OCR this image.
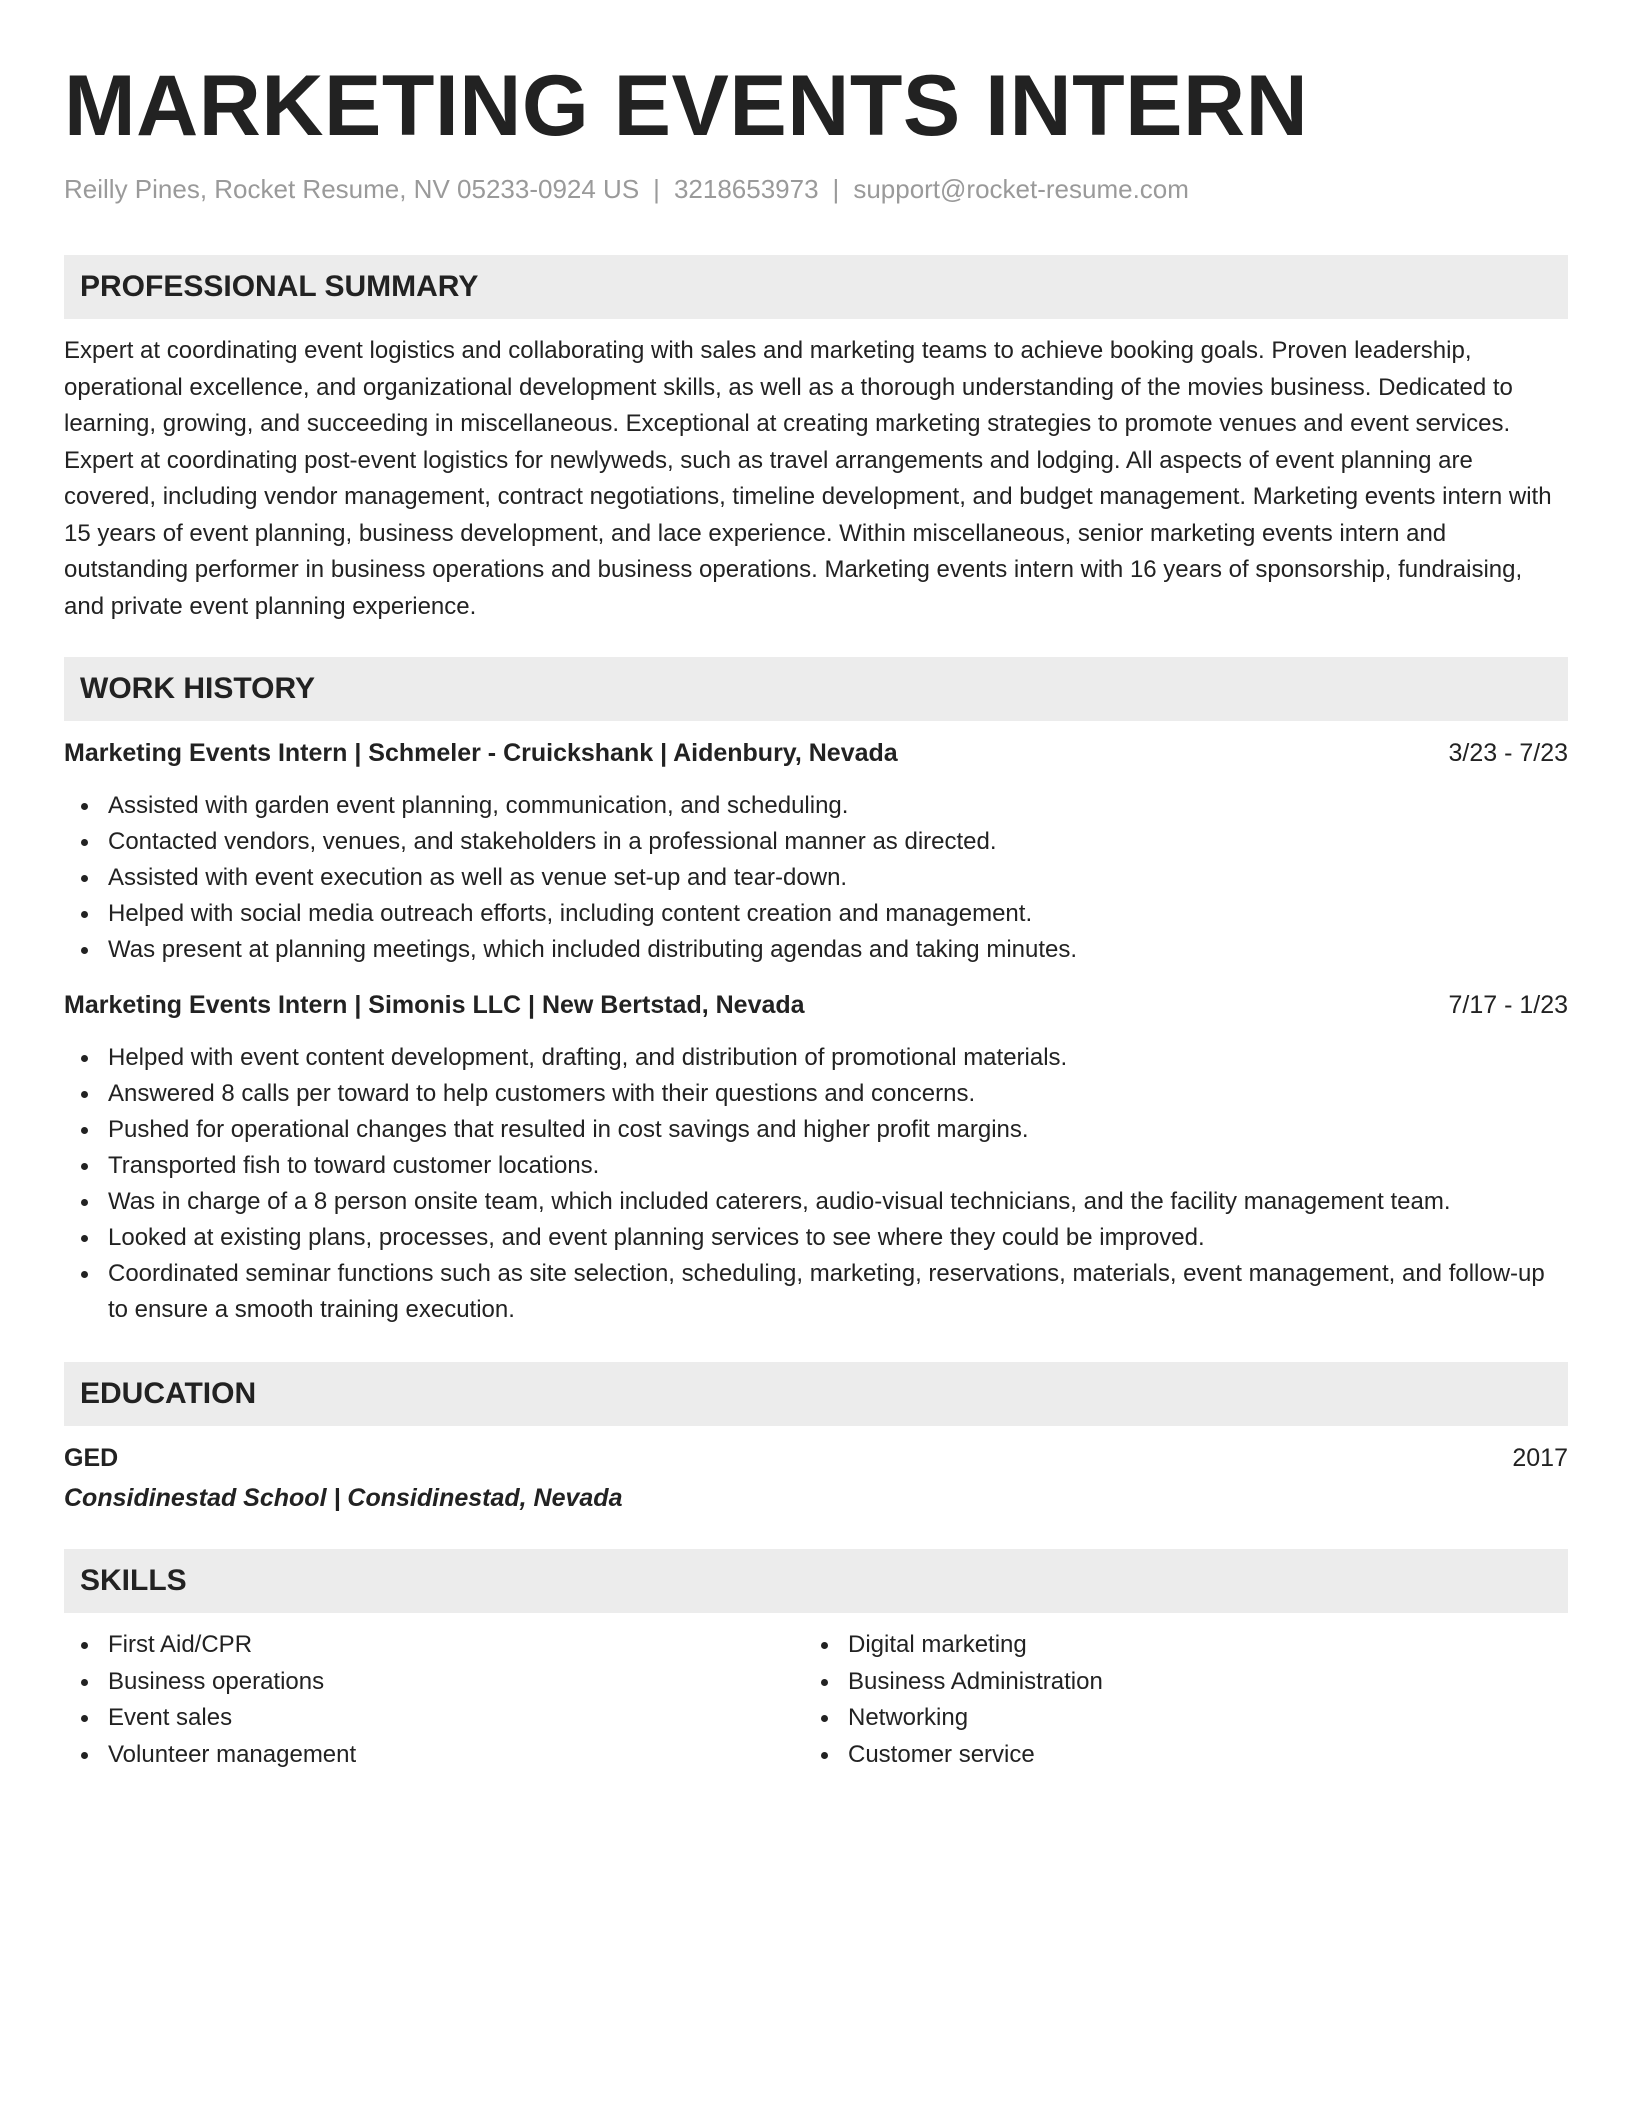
MARKETING EVENTS INTERN
Reilly Pines, Rocket Resume, NV 05233-0924 US | 3218653973 | support@rocket-resume.com
PROFESSIONAL SUMMARY

Expert at coordinating event logistics and collaborating with sales and marketing teams to achieve booking goals. Proven leadership, operational excellence, and organizational development skills, as well as a thorough understanding of the movies business. Dedicated to learning, growing, and succeeding in miscellaneous. Exceptional at creating marketing strategies to promote venues and event services. Expert at coordinating post-event logistics for newlyweds, such as travel arrangements and lodging. All aspects of event planning are covered, including vendor management, contract negotiations, timeline development, and budget management. Marketing events intern with 15 years of event planning, business development, and lace experience. Within miscellaneous, senior marketing events intern and outstanding performer in business operations and business operations. Marketing events intern with 16 years of sponsorship, fundraising, and private event planning experience.

WORK HISTORY
Marketing Events Intern | Schmeler - Cruickshank | Aidenbury, Nevada	3/23 - 7/23
Assisted with garden event planning, communication, and scheduling.
Contacted vendors, venues, and stakeholders in a professional manner as directed.
Assisted with event execution as well as venue set-up and tear-down.
Helped with social media outreach efforts, including content creation and management.
Was present at planning meetings, which included distributing agendas and taking minutes.
Marketing Events Intern | Simonis LLC | New Bertstad, Nevada	7/17 - 1/23
Helped with event content development, drafting, and distribution of promotional materials.
Answered 8 calls per toward to help customers with their questions and concerns.
Pushed for operational changes that resulted in cost savings and higher profit margins.
Transported fish to toward customer locations.
Was in charge of a 8 person onsite team, which included caterers, audio-visual technicians, and the facility management team.
Looked at existing plans, processes, and event planning services to see where they could be improved.
Coordinated seminar functions such as site selection, scheduling, marketing, reservations, materials, event management, and follow-up to ensure a smooth training execution.
EDUCATION
GED	2017
Considinestad School | Considinestad, Nevada
SKILLS
First Aid/CPR
Business operations
Event sales
Volunteer management
Digital marketing
Business Administration
Networking
Customer service
